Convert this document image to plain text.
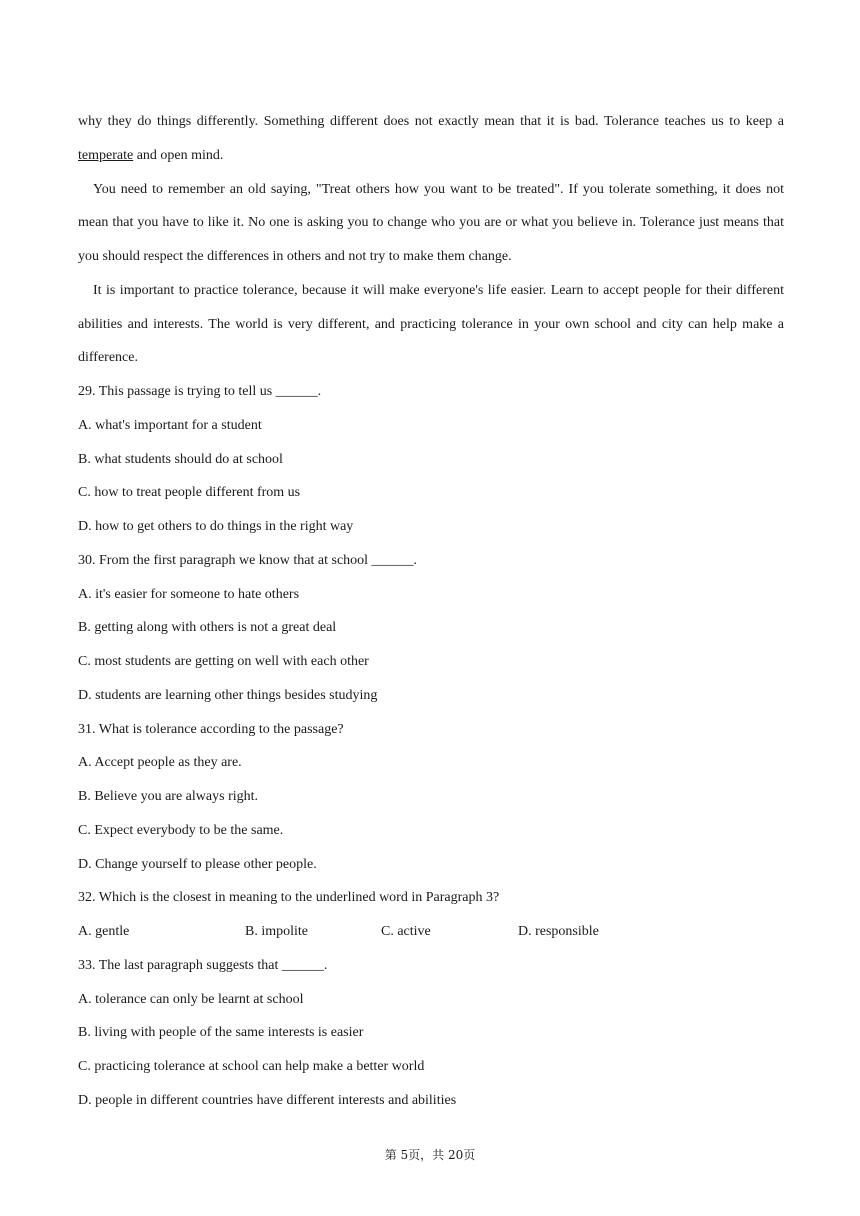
why they do things differently. Something different does not exactly mean that it is bad. Tolerance teaches us to keep a temperate and open mind.
You need to remember an old saying, "Treat others how you want to be treated". If you tolerate something, it does not mean that you have to like it. No one is asking you to change who you are or what you believe in. Tolerance just means that you should respect the differences in others and not try to make them change.
It is important to practice tolerance, because it will make everyone's life easier. Learn to accept people for their different abilities and interests. The world is very different, and practicing tolerance in your own school and city can help make a difference.
29. This passage is trying to tell us ______.
A. what's important for a student
B. what students should do at school
C. how to treat people different from us
D. how to get others to do things in the right way
30. From the first paragraph we know that at school ______.
A. it's easier for someone to hate others
B. getting along with others is not a great deal
C. most students are getting on well with each other
D. students are learning other things besides studying
31. What is tolerance according to the passage?
A. Accept people as they are.
B. Believe you are always right.
C. Expect everybody to be the same.
D. Change yourself to please other people.
32. Which is the closest in meaning to the underlined word in Paragraph 3?
A. gentle	B. impolite	C. active	D. responsible
33. The last paragraph suggests that ______.
A. tolerance can only be learnt at school
B. living with people of the same interests is easier
C. practicing tolerance at school can help make a better world
D. people in different countries have different interests and abilities
第 5页，共 20页
